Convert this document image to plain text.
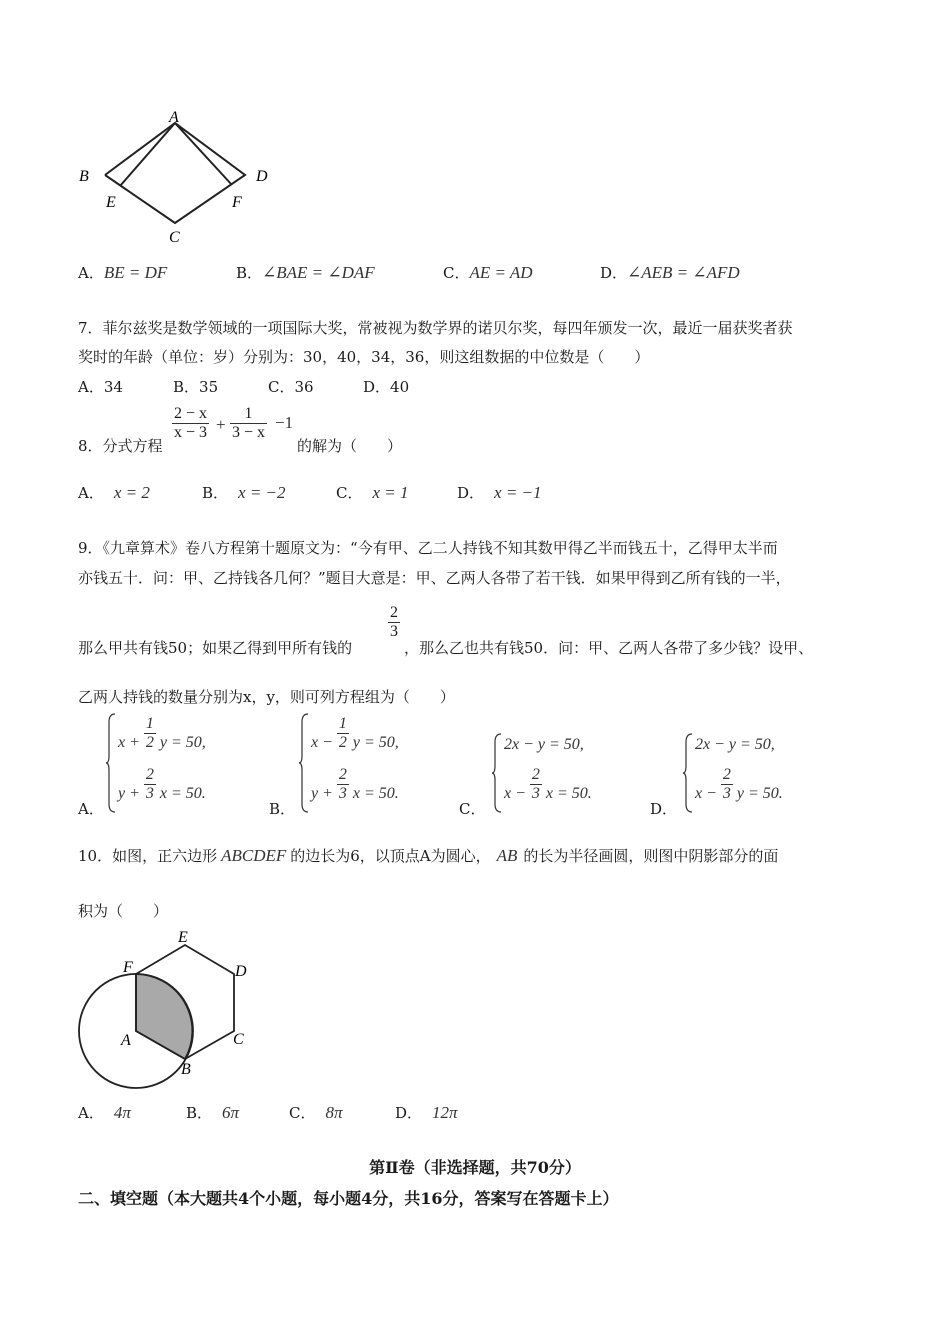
A
B	D
E	F
C
A．BE = DF	B．∠BAE = ∠DAF	C．AE = AD	D．∠AEB = ∠AFD
7．菲尔兹奖是数学领域的一项国际大奖，常被视为数学界的诺贝尔奖，每四年颁发一次，最近一届获奖者获
奖时的年龄（单位：岁）分别为：30，40，34，36，则这组数据的中位数是（　　）
A．34	B．35	C．36	D．40
8．分式方程
$\frac{2 - x}{x - 3} + \frac{1}{3 - x} -1$
的解为（　　）
A． x = 2	B． x = −2	C． x = 1	D． x = −1
9．《九章算术》卷八方程第十题原文为：“今有甲、乙二人持钱不知其数甲得乙半而钱五十，乙得甲太半而
亦钱五十．问：甲、乙持钱各几何？”题目大意是：甲、乙两人各带了若干钱．如果甲得到乙所有钱的一半，
那么甲共有钱50；如果乙得到甲所有钱的
$\frac{2}{3}$
，那么乙也共有钱50．问：甲、乙两人各带了多少钱？设甲、
乙两人持钱的数量分别为x，y，则可列方程组为（　　）
A．
$x + \frac{1}{2}$ y = 50,
$y + \frac{2}{3}$ x = 50.
B．
$x - \frac{1}{2}$ y = 50,
$y + \frac{2}{3}$ x = 50.
C．
2x − y = 50,
$x - \frac{2}{3}$ x = 50.
D．
2x − y = 50,
$x - \frac{2}{3}$ y = 50.
10．如图，正六边形 ABCDEF 的边长为6，以顶点A为圆心， AB 的长为半径画圆，则图中阴影部分的面
积为（　　）
F
E
D
C
B
A
A． 4π	B． 6π	C． 8π	D． 12π
第Ⅱ卷（非选择题，共70分）
二、填空题（本大题共4个小题，每小题4分，共16分，答案写在答题卡上）
